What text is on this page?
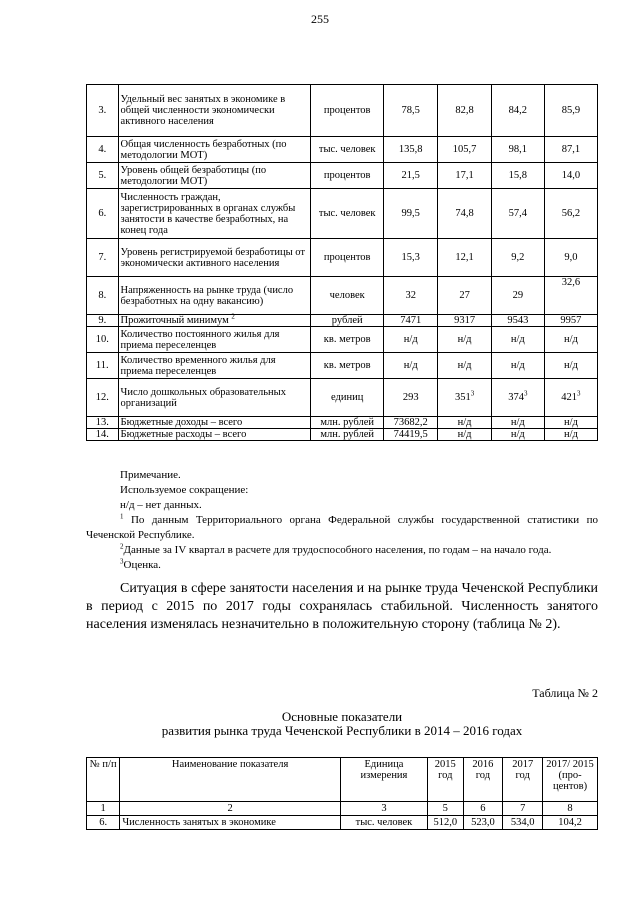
255
3.	Удельный вес занятых в экономике в общей численности экономически активного населения	процентов	78,5	82,8	84,2	85,9
4.	Общая численность безработных (по методологии МОТ)	тыс. человек	135,8	105,7	98,1	87,1
5.	Уровень общей безработицы (по методологии МОТ)	процентов	21,5	17,1	15,8	14,0
6.	Численность граждан, зарегистрированных в органах службы занятости в качестве безработных, на конец года	тыс. человек	99,5	74,8	57,4	56,2
7.	Уровень регистрируемой безработицы от экономически активного населения	процентов	15,3	12,1	9,2	9,0
8.	Напряженность на рынке труда (число безработных на одну вакансию)	человек	32	27	29	32,6
9.	Прожиточный минимум $^2$	рублей	7471	9317	9543	9957
10.	Количество постоянного жилья для приема переселенцев	кв. метров	н/д	н/д	н/д	н/д
11.	Количество временного жилья для приема переселенцев	кв. метров	н/д	н/д	н/д	н/д
12.	Число дошкольных образовательных организаций	единиц	293	$351^3$	$374^3$	$421^3$
13.	Бюджетные доходы – всего	млн. рублей	73682,2	н/д	н/д	н/д
14.	Бюджетные расходы – всего	млн. рублей	74419,5	н/д	н/д	н/д

Примечание.

Используемое сокращение:

н/д – нет данных.

$^1$ По данным Территориального органа Федеральной службы государственной статистики по Чеченской Республике.

$^2$Данные за IV квартал в расчете для трудоспособного населения, по годам – на начало года.

$^3$Оценка.

Ситуация в сфере занятости населения и на рынке труда Чеченской Республики в период с 2015 по 2017 годы сохранялась стабильной. Численность занятого населения изменялась незначительно в положительную сторону (таблица № 2).

Таблица № 2
Основные показатели
развития рынка труда Чеченской Республики в 2014 – 2016 годах
№ п/п	Наименование показателя	Единица измерения	2015 год	2016 год	2017 год	2017/ 2015 (про- центов)
1	2	3	5	6	7	8
6.	Численность занятых в экономике	тыс. человек	512,0	523,0	534,0	104,2
